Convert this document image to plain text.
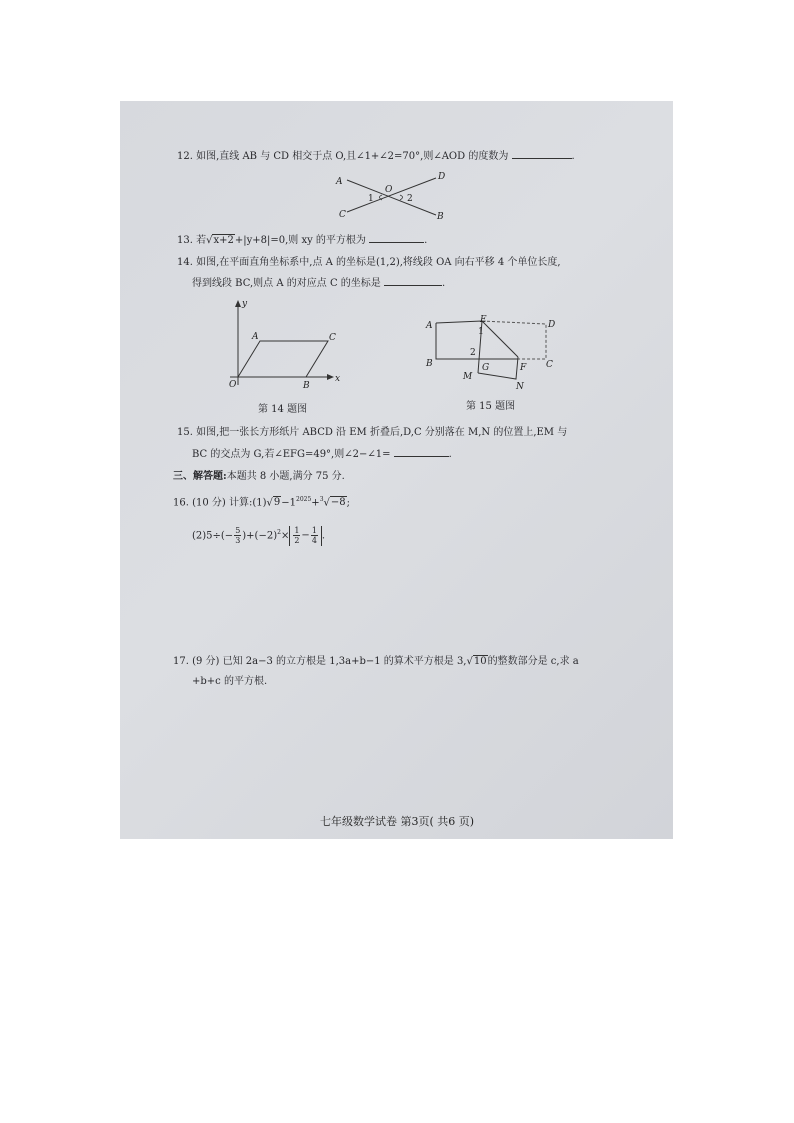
12. 如图,直线 AB 与 CD 相交于点 O,且∠1+∠2=70°,则∠AOD 的度数为	.
A	D
O
1	2
C	B
13. 若√x+2+|y+8|=0,则 xy 的平方根为	.
14. 如图,在平面直角坐标系中,点 A 的坐标是(1,2),将线段 OA 向右平移 4 个单位长度,
得到线段 BC,则点 A 的对应点 C 的坐标是	.
y
A	C
O	B
x
第 14 题图
A
E
1
D
B
2
G	C
M
F
N
第 15 题图
15. 如图,把一张长方形纸片 ABCD 沿 EM 折叠后,D,C 分别落在 M,N 的位置上,EM 与
BC 的交点为 G,若∠EFG=49°,则∠2−∠1=	.
三、解答题:本题共 8 小题,满分 75 分.
16. (10 分) 计算$:(1)√9-1^{2025}+^3√-8$;
$(2)5\div(- \frac{5}{3} )+(-2)^2\times \frac{1}{2} - \frac{1}{4}$ .
17. (9 分) 已知 2a−3 的立方根是 1,3a+b−1 的算术平方根是 3,√10的整数部分是 c,求 a
+b+c 的平方根.
七年级数学试卷 第3页( 共6 页)
